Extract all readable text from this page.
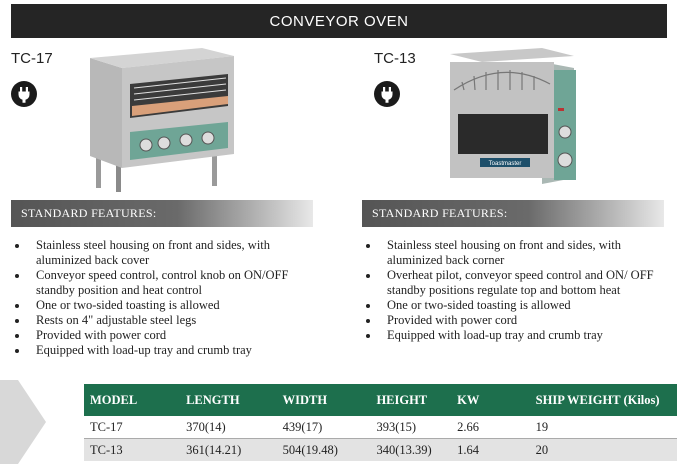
CONVEYOR OVEN
TC-17
STANDARD FEATURES:
Stainless steel housing on front and sides, with aluminized back cover
Conveyor speed control, control knob on ON/OFF standby position and heat control
One or two-sided toasting is allowed
Rests on 4" adjustable steel legs
Provided with power cord
Equipped with load-up tray and crumb tray
TC-13
Toastmaster
STANDARD FEATURES:
Stainless steel housing on front and sides, with aluminized back corner
Overheat pilot, conveyor speed control and ON/ OFF standby positions regulate top and bottom heat
One or two-sided toasting is allowed
Provided with power cord
Equipped with load-up tray and crumb tray
MODEL	LENGTH	WIDTH	HEIGHT	KW	SHIP WEIGHT (Kilos)
TC-17	370(14)	439(17)	393(15)	2.66	19
TC-13	361(14.21)	504(19.48)	340(13.39)	1.64	20
